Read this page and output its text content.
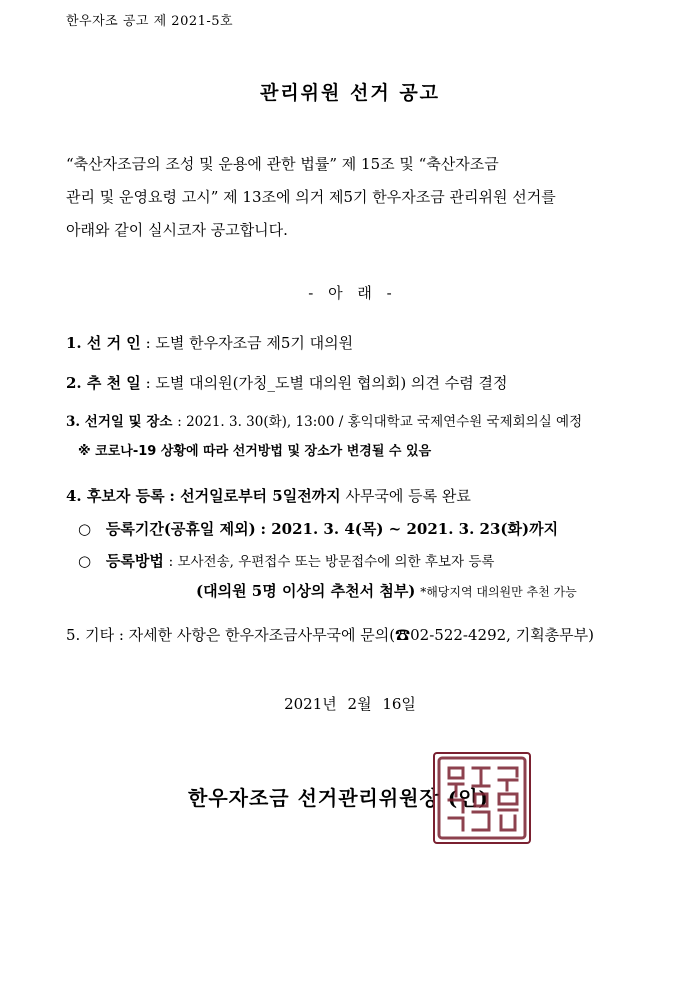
한우자조 공고 제 2021-5호
관리위원 선거 공고
“축산자조금의 조성 및 운용에 관한 법률” 제 15조 및 “축산자조금
관리 및 운영요령 고시” 제 13조에 의거 제5기 한우자조금 관리위원 선거를
아래와 같이 실시코자 공고합니다.
- 아 래 -
1. 선 거 인 : 도별 한우자조금 제5기 대의원
2. 추 천 일 : 도별 대의원(가칭_도별 대의원 협의회) 의견 수렴 결정
3. 선거일 및 장소 : 2021. 3. 30(화), 13:00 / 홍익대학교 국제연수원 국제회의실 예정
※ 코로나-19 상황에 따라 선거방법 및 장소가 변경될 수 있음
4. 후보자 등록 : 선거일로부터 5일전까지 사무국에 등록 완료
○ 등록기간(공휴일 제외) : 2021. 3. 4(목) ~ 2021. 3. 23(화)까지
○ 등록방법 : 모사전송, 우편접수 또는 방문접수에 의한 후보자 등록
(대의원 5명 이상의 추천서 첨부) *해당지역 대의원만 추천 가능
5. 기타 : 자세한 사항은 한우자조금사무국에 문의(☎02-522-4292, 기획총무부)
2021년 2월 16일
한우자조금 선거관리위원장 (인)
